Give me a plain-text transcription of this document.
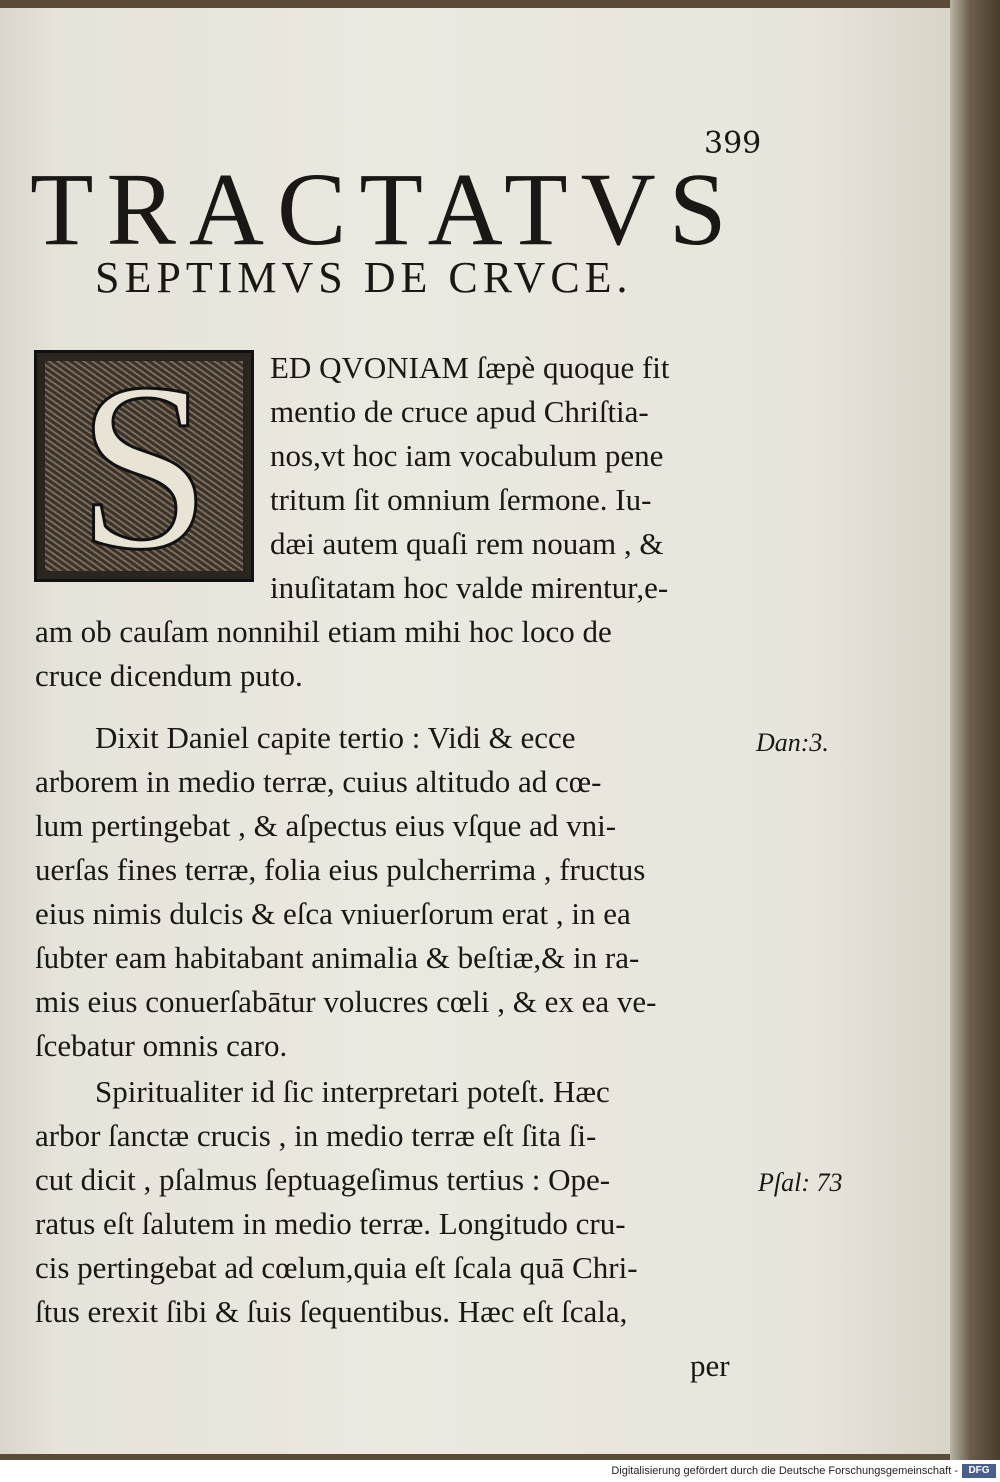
399
TRACTATVS
SEPTIMVS DE CRVCE.
S	ED QVONIAM ſæpè quoque fit
mentio de cruce apud Chriſtia-
nos,vt hoc iam vocabulum pene
tritum ſit omnium ſermone. Iu-
dæi autem quaſi rem nouam , &
inuſitatam hoc valde mirentur,e-
am ob cauſam nonnihil etiam mihi hoc loco de
cruce dicendum puto.
Dixit Daniel capite tertio : Vidi & ecce
arborem in medio terræ, cuius altitudo ad cœ-
lum pertingebat , & aſpectus eius vſque ad vni-
uerſas fines terræ, folia eius pulcherrima , fructus
eius nimis dulcis & eſca vniuerſorum erat , in ea
ſubter eam habitabant animalia & beſtiæ,& in ra-
mis eius conuerſabātur volucres cœli , & ex ea ve-
ſcebatur omnis caro.
Spiritualiter id ſic interpretari poteſt. Hæc
arbor ſanctæ crucis , in medio terræ eſt ſita ſi-
cut dicit , pſalmus ſeptuageſimus tertius : Ope-
ratus eſt ſalutem in medio terræ. Longitudo cru-
cis pertingebat ad cœlum,quia eſt ſcala quā Chri-
ſtus erexit ſibi & ſuis ſequentibus. Hæc eſt ſcala,
Dan:3.
Pſal: 73
per
Digitalisierung gefördert durch die Deutsche Forschungsgemeinschaft -	DFG
